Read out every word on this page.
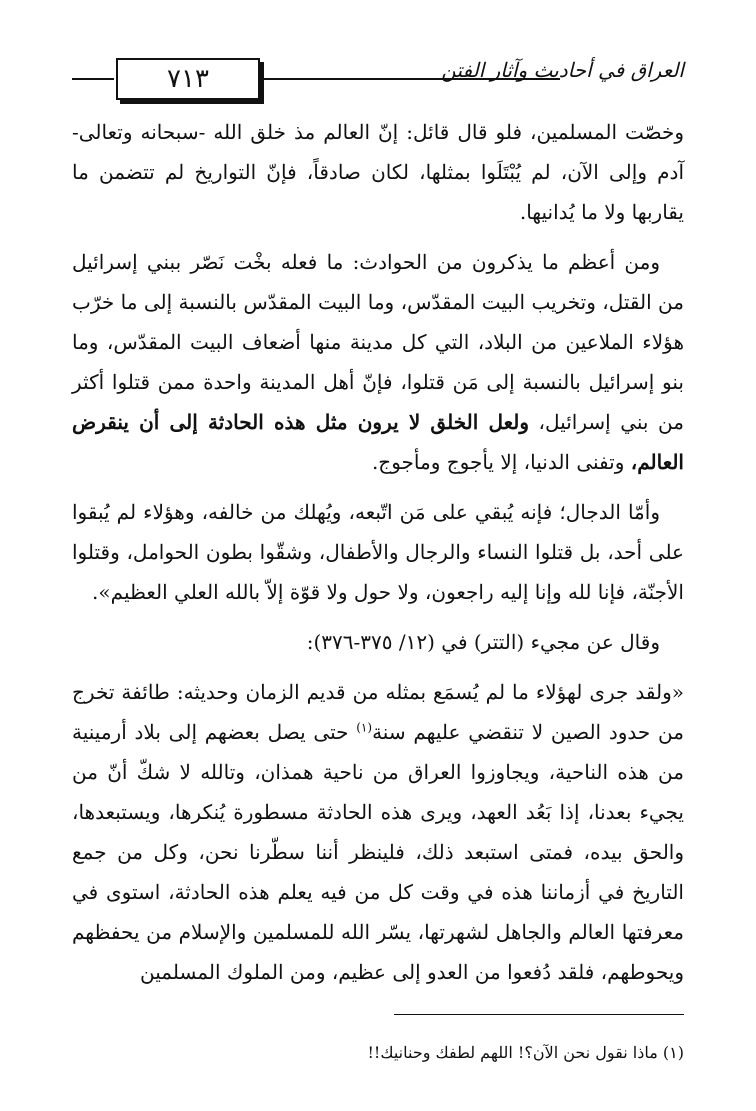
٧١٣	العراق في أحاديث وآثار الفتن

وخصّت المسلمين، فلو قال قائل: إنّ العالم مذ خلق الله -سبحانه وتعالى- آدم وإلى الآن، لم يُبْتَلَوا بمثلها، لكان صادقاً، فإنّ التواريخ لم تتضمن ما يقاربها ولا ما يُدانيها.

ومن أعظم ما يذكرون من الحوادث: ما فعله بخْت نَصّر ببني إسرائيل من القتل، وتخريب البيت المقدّس، وما البيت المقدّس بالنسبة إلى ما خرّب هؤلاء الملاعين من البلاد، التي كل مدينة منها أضعاف البيت المقدّس، وما بنو إسرائيل بالنسبة إلى مَن قتلوا، فإنّ أهل المدينة واحدة ممن قتلوا أكثر من بني إسرائيل، ولعل الخلق لا يرون مثل هذه الحادثة إلى أن ينقرض العالم، وتفنى الدنيا، إلا يأجوج ومأجوج.

وأمّا الدجال؛ فإنه يُبقي على مَن اتّبعه، ويُهلك من خالفه، وهؤلاء لم يُبقوا على أحد، بل قتلوا النساء والرجال والأطفال، وشقّوا بطون الحوامل، وقتلوا الأجنّة، فإنا لله وإنا إليه راجعون، ولا حول ولا قوّة إلاّ بالله العلي العظيم».

وقال عن مجيء (التتر) في (١٢/ ٣٧٥-٣٧٦):

«ولقد جرى لهؤلاء ما لم يُسمَع بمثله من قديم الزمان وحديثه: طائفة تخرج من حدود الصين لا تنقضي عليهم سنة$^{(١)}$ حتى يصل بعضهم إلى بلاد أرمينية من هذه الناحية، ويجاوزوا العراق من ناحية همذان، وتالله لا شكّ أنّ من يجيء بعدنا، إذا بَعُد العهد، ويرى هذه الحادثة مسطورة يُنكرها، ويستبعدها، والحق بيده، فمتى استبعد ذلك، فلينظر أننا سطّرنا نحن، وكل من جمع التاريخ في أزماننا هذه في وقت كل من فيه يعلم هذه الحادثة، استوى في معرفتها العالم والجاهل لشهرتها، يسّر الله للمسلمين والإسلام من يحفظهم ويحوطهم، فلقد دُفعوا من العدو إلى عظيم، ومن الملوك المسلمين

(١) ماذا نقول نحن الآن؟! اللهم لطفك وحنانيك!!
